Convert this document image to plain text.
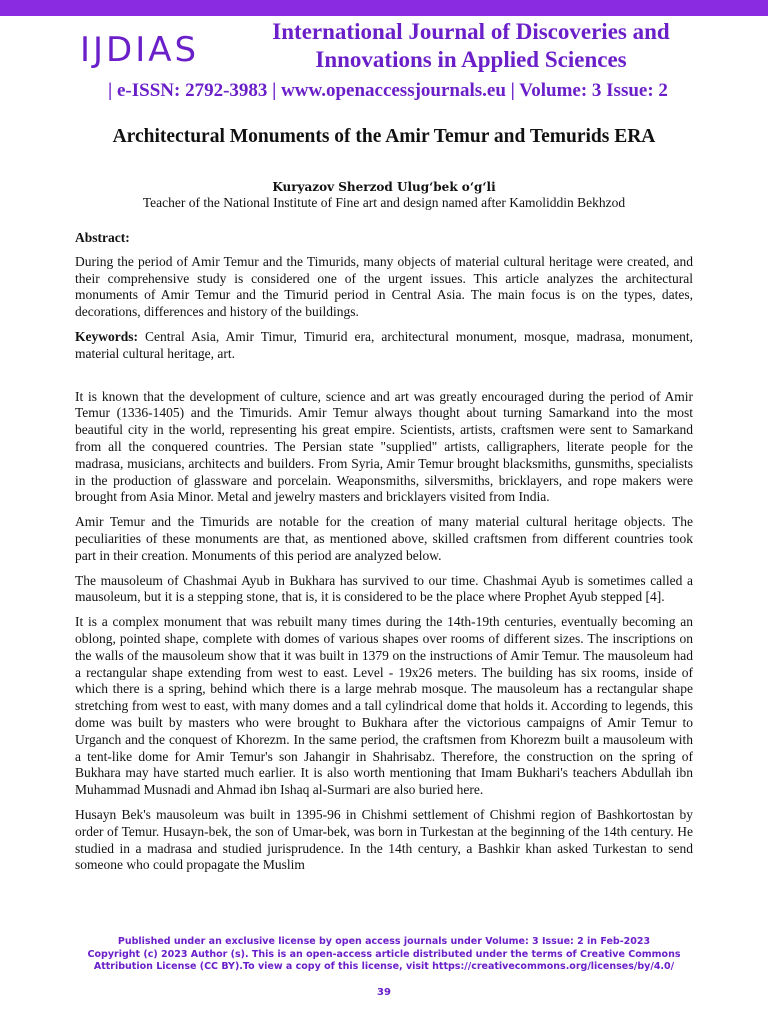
IJDIAS	International Journal of Discoveries and
Innovations in Applied Sciences
| e-ISSN: 2792-3983 | www.openaccessjournals.eu | Volume: 3 Issue: 2
Architectural Monuments of the Amir Temur and Temurids ERA
Kuryazov Sherzod Ulug‘bek o‘g‘li
Teacher of the National Institute of Fine art and design named after Kamoliddin Bekhzod

Abstract:

During the period of Amir Temur and the Timurids, many objects of material cultural heritage were created, and their comprehensive study is considered one of the urgent issues. This article analyzes the architectural monuments of Amir Temur and the Timurid period in Central Asia. The main focus is on the types, dates, decorations, differences and history of the buildings.

Keywords: Central Asia, Amir Timur, Timurid era, architectural monument, mosque, madrasa, monument, material cultural heritage, art.

It is known that the development of culture, science and art was greatly encouraged during the period of Amir Temur (1336-1405) and the Timurids. Amir Temur always thought about turning Samarkand into the most beautiful city in the world, representing his great empire. Scientists, artists, craftsmen were sent to Samarkand from all the conquered countries. The Persian state "supplied" artists, calligraphers, literate people for the madrasa, musicians, architects and builders. From Syria, Amir Temur brought blacksmiths, gunsmiths, specialists in the production of glassware and porcelain. Weaponsmiths, silversmiths, bricklayers, and rope makers were brought from Asia Minor. Metal and jewelry masters and bricklayers visited from India.

Amir Temur and the Timurids are notable for the creation of many material cultural heritage objects. The peculiarities of these monuments are that, as mentioned above, skilled craftsmen from different countries took part in their creation. Monuments of this period are analyzed below.

The mausoleum of Chashmai Ayub in Bukhara has survived to our time. Chashmai Ayub is sometimes called a mausoleum, but it is a stepping stone, that is, it is considered to be the place where Prophet Ayub stepped [4].

It is a complex monument that was rebuilt many times during the 14th-19th centuries, eventually becoming an oblong, pointed shape, complete with domes of various shapes over rooms of different sizes. The inscriptions on the walls of the mausoleum show that it was built in 1379 on the instructions of Amir Temur. The mausoleum had a rectangular shape extending from west to east. Level - 19x26 meters. The building has six rooms, inside of which there is a spring, behind which there is a large mehrab mosque. The mausoleum has a rectangular shape stretching from west to east, with many domes and a tall cylindrical dome that holds it. According to legends, this dome was built by masters who were brought to Bukhara after the victorious campaigns of Amir Temur to Urganch and the conquest of Khorezm. In the same period, the craftsmen from Khorezm built a mausoleum with a tent-like dome for Amir Temur's son Jahangir in Shahrisabz. Therefore, the construction on the spring of Bukhara may have started much earlier. It is also worth mentioning that Imam Bukhari's teachers Abdullah ibn Muhammad Musnadi and Ahmad ibn Ishaq al-Surmari are also buried here.

Husayn Bek's mausoleum was built in 1395-96 in Chishmi settlement of Chishmi region of Bashkortostan by order of Temur. Husayn-bek, the son of Umar-bek, was born in Turkestan at the beginning of the 14th century. He studied in a madrasa and studied jurisprudence. In the 14th century, a Bashkir khan asked Turkestan to send someone who could propagate the Muslim

Published under an exclusive license by open access journals under Volume: 3 Issue: 2 in Feb-2023
Copyright (c) 2023 Author (s). This is an open-access article distributed under the terms of Creative Commons
Attribution License (CC BY).To view a copy of this license, visit https://creativecommons.org/licenses/by/4.0/
39
